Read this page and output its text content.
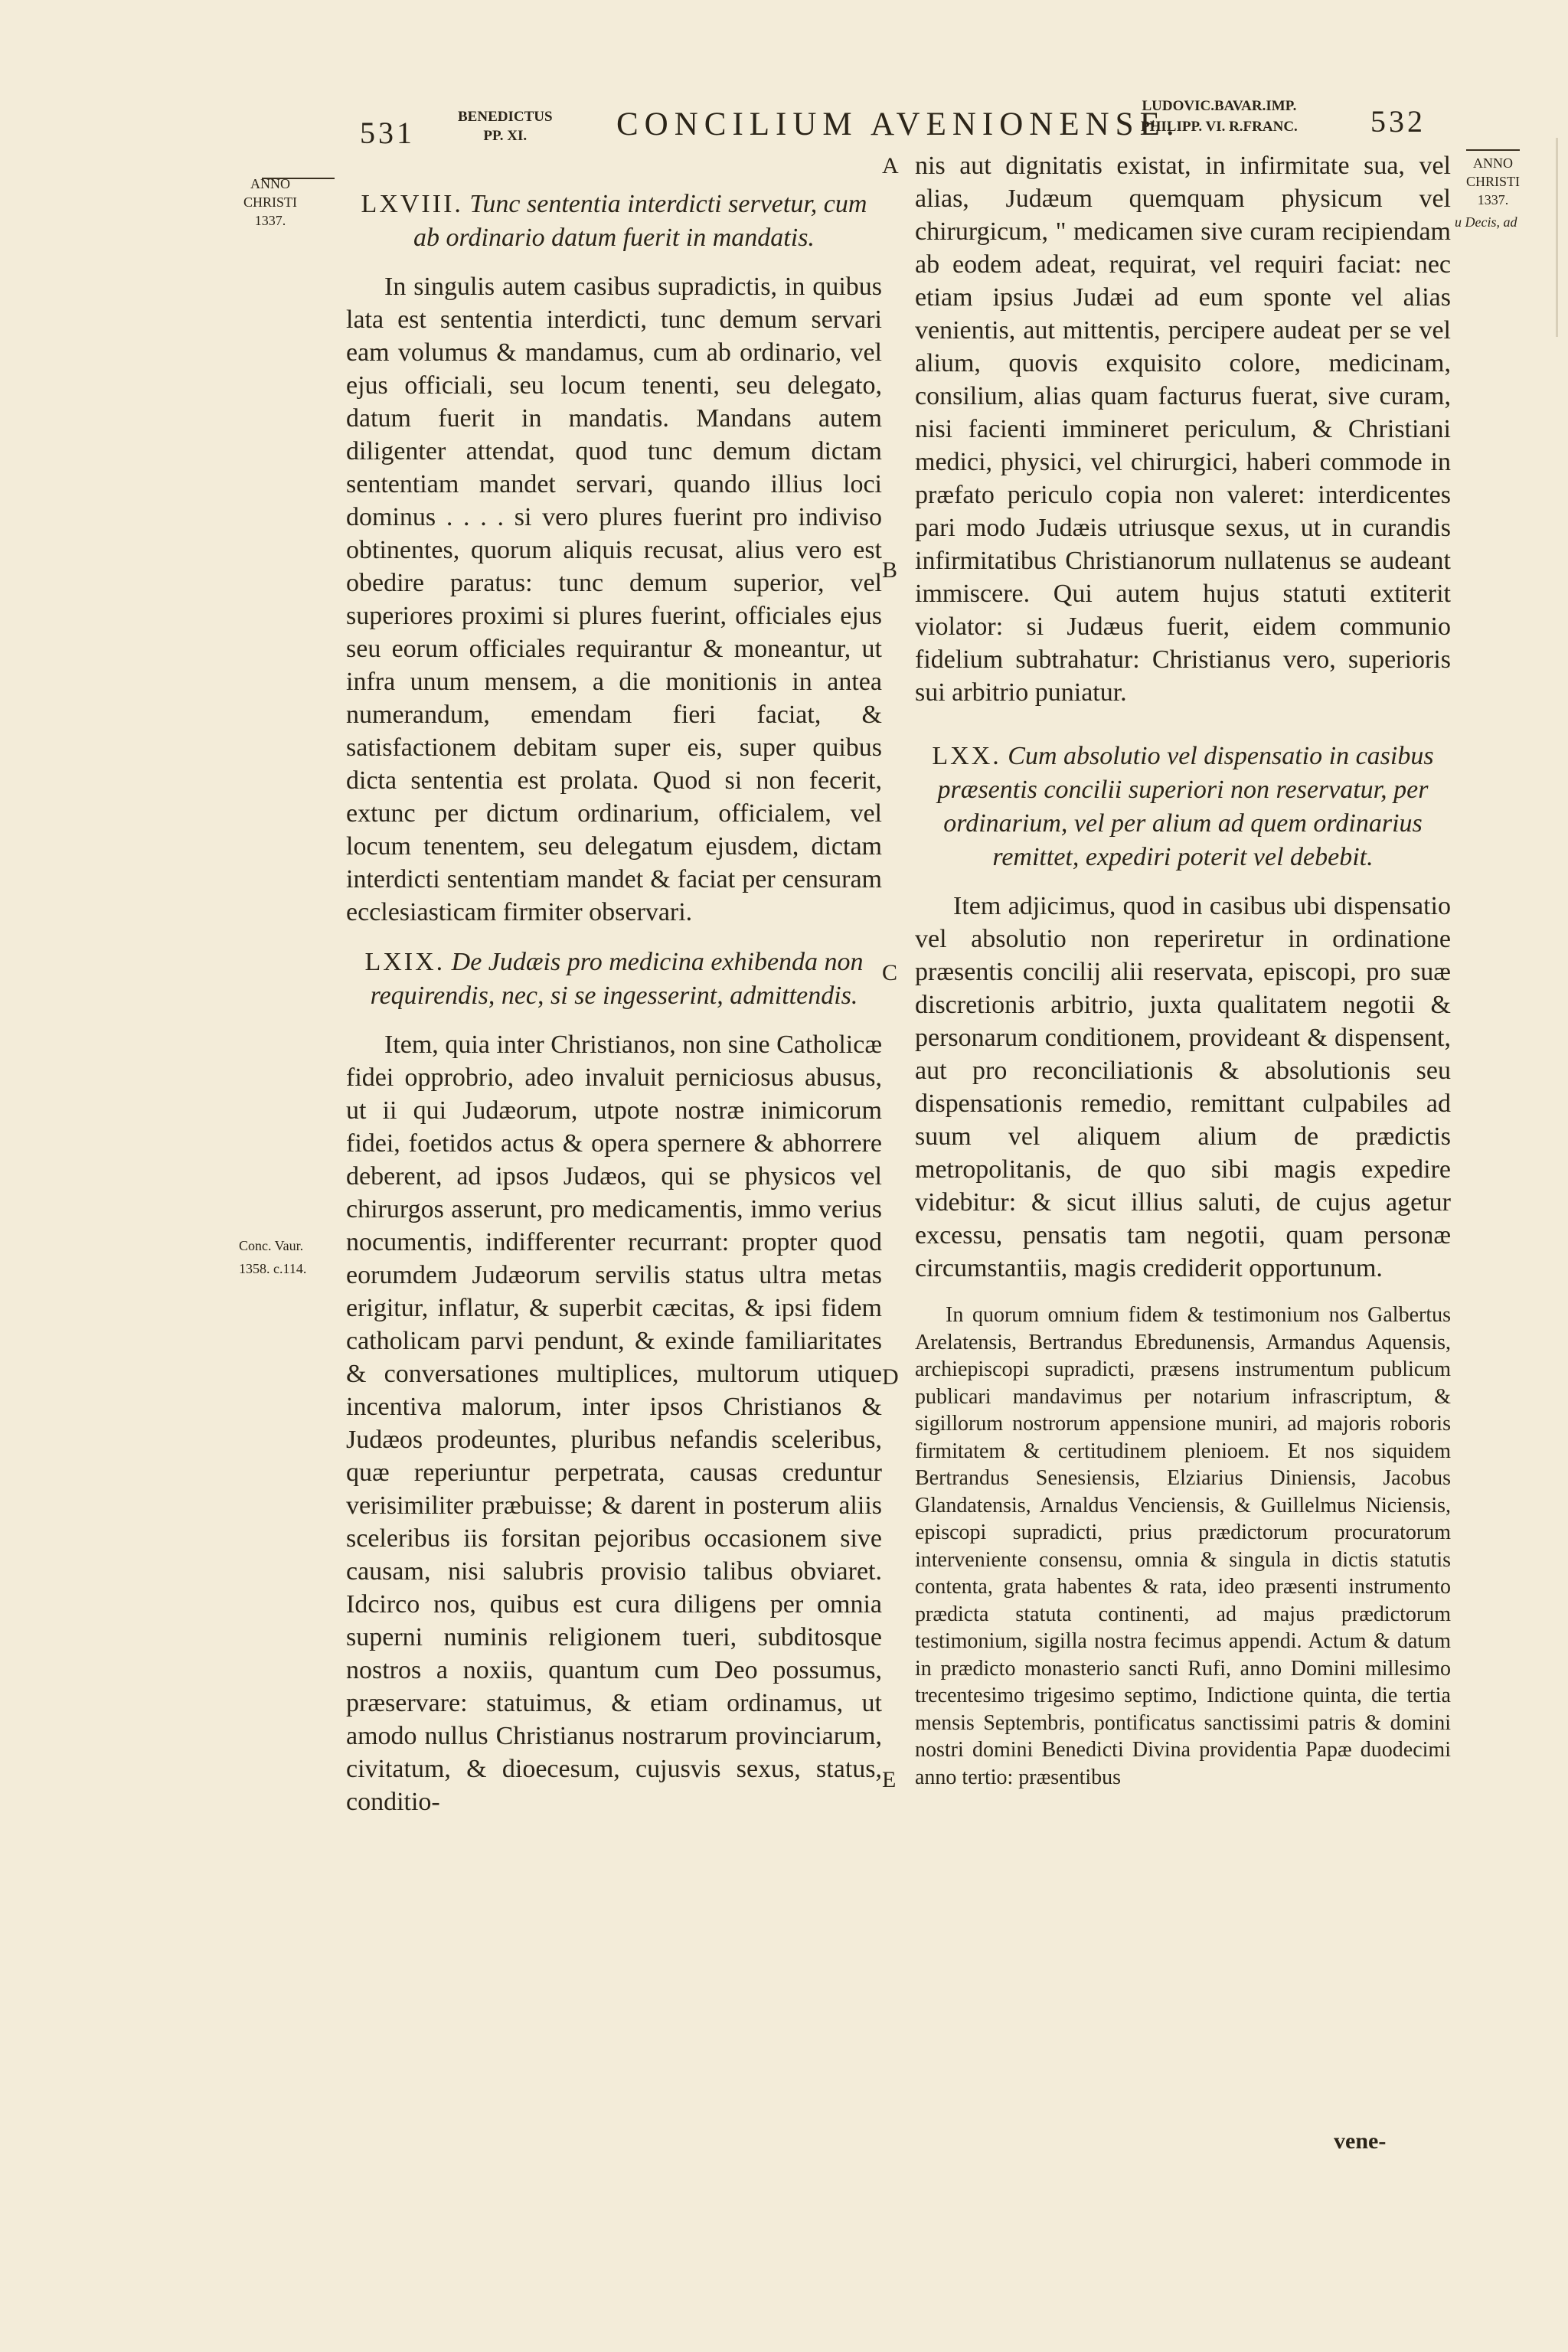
531	BENEDICTUS
PP. XI.	CONCILIUM AVENIONENSE.
LUDOVIC.BAVAR.IMP.
PHILIPP. VI. R.FRANC. 532
ANNO
CHRISTI
1337.
ANNO
CHRISTI
1337.
u Decis, ad
Conc. Vaur.
1358. c.114.
A
B
C
D
E
LXVIII. Tunc sententia interdicti servetur, cum ab ordinario datum fuerit in mandatis.

In singulis autem casibus supradictis, in quibus lata est sententia interdicti, tunc demum servari eam volumus & mandamus, cum ab ordinario, vel ejus officiali, seu locum tenenti, seu delegato, datum fuerit in mandatis. Mandans autem diligenter attendat, quod tunc demum dictam sententiam mandet servari, quando illius loci dominus . . . . si vero plures fuerint pro indiviso obtinentes, quorum aliquis recusat, alius vero est obedire paratus: tunc demum superior, vel superiores proximi si plures fuerint, officiales ejus seu eorum officiales requirantur & moneantur, ut infra unum mensem, a die monitionis in antea numerandum, emendam fieri faciat, & satisfactionem debitam super eis, super quibus dicta sententia est prolata. Quod si non fecerit, extunc per dictum ordinarium, officialem, vel locum tenentem, seu delegatum ejusdem, dictam interdicti sententiam mandet & faciat per censuram ecclesiasticam firmiter observari.

LXIX. De Judæis pro medicina exhibenda non requirendis, nec, si se ingesserint, admittendis.

Item, quia inter Christianos, non sine Catholicæ fidei opprobrio, adeo invaluit perniciosus abusus, ut ii qui Judæorum, utpote nostræ inimicorum fidei, foetidos actus & opera spernere & abhorrere deberent, ad ipsos Judæos, qui se physicos vel chirurgos asserunt, pro medicamentis, immo verius nocumentis, indifferenter recurrant: propter quod eorumdem Judæorum servilis status ultra metas erigitur, inflatur, & superbit cæcitas, & ipsi fidem catholicam parvi pendunt, & exinde familiaritates & conversationes multiplices, multorum utique incentiva malorum, inter ipsos Christianos & Judæos prodeuntes, pluribus nefandis sceleribus, quæ reperiuntur perpetrata, causas creduntur verisimiliter præbuisse; & darent in posterum aliis sceleribus iis forsitan pejoribus occasionem sive causam, nisi salubris provisio talibus obviaret. Idcirco nos, quibus est cura diligens per omnia superni numinis religionem tueri, subditosque nostros a noxiis, quantum cum Deo possumus, præservare: statuimus, & etiam ordinamus, ut amodo nullus Christianus nostrarum provinciarum, civitatum, & dioecesum, cujusvis sexus, status, conditio-

nis aut dignitatis existat, in infirmitate sua, vel alias, Judæum quemquam physicum vel chirurgicum, " medicamen sive curam recipiendam ab eodem adeat, requirat, vel requiri faciat: nec etiam ipsius Judæi ad eum sponte vel alias venientis, aut mittentis, percipere audeat per se vel alium, quovis exquisito colore, medicinam, consilium, alias quam facturus fuerat, sive curam, nisi facienti immineret periculum, & Christiani medici, physici, vel chirurgici, haberi commode in præfato periculo copia non valeret: interdicentes pari modo Judæis utriusque sexus, ut in curandis infirmitatibus Christianorum nullatenus se audeant immiscere. Qui autem hujus statuti extiterit violator: si Judæus fuerit, eidem communio fidelium subtrahatur: Christianus vero, superioris sui arbitrio puniatur.

LXX. Cum absolutio vel dispensatio in casibus præsentis concilii superiori non reservatur, per ordinarium, vel per alium ad quem ordinarius remittet, expediri poterit vel debebit.

Item adjicimus, quod in casibus ubi dispensatio vel absolutio non reperiretur in ordinatione præsentis concilij alii reservata, episcopi, pro suæ discretionis arbitrio, juxta qualitatem negotii & personarum conditionem, provideant & dispensent, aut pro reconciliationis & absolutionis seu dispensationis remedio, remittant culpabiles ad suum vel aliquem alium de prædictis metropolitanis, de quo sibi magis expedire videbitur: & sicut illius saluti, de cujus agetur excessu, pensatis tam negotii, quam personæ circumstantiis, magis crediderit opportunum.

In quorum omnium fidem & testimonium nos Galbertus Arelatensis, Bertrandus Ebredunensis, Armandus Aquensis, archiepiscopi supradicti, præsens instrumentum publicum publicari mandavimus per notarium infrascriptum, & sigillorum nostrorum appensione muniri, ad majoris roboris firmitatem & certitudinem plenioem. Et nos siquidem Bertrandus Senesiensis, Elziarius Diniensis, Jacobus Glandatensis, Arnaldus Venciensis, & Guillelmus Niciensis, episcopi supradicti, prius prædictorum procuratorum interveniente consensu, omnia & singula in dictis statutis contenta, grata habentes & rata, ideo præsenti instrumento prædicta statuta continenti, ad majus prædictorum testimonium, sigilla nostra fecimus appendi. Actum & datum in prædicto monasterio sancti Rufi, anno Domini millesimo trecentesimo trigesimo septimo, Indictione quinta, die tertia mensis Septembris, pontificatus sanctissimi patris & domini nostri domini Benedicti Divina providentia Papæ duodecimi anno tertio: præsentibus

vene-
